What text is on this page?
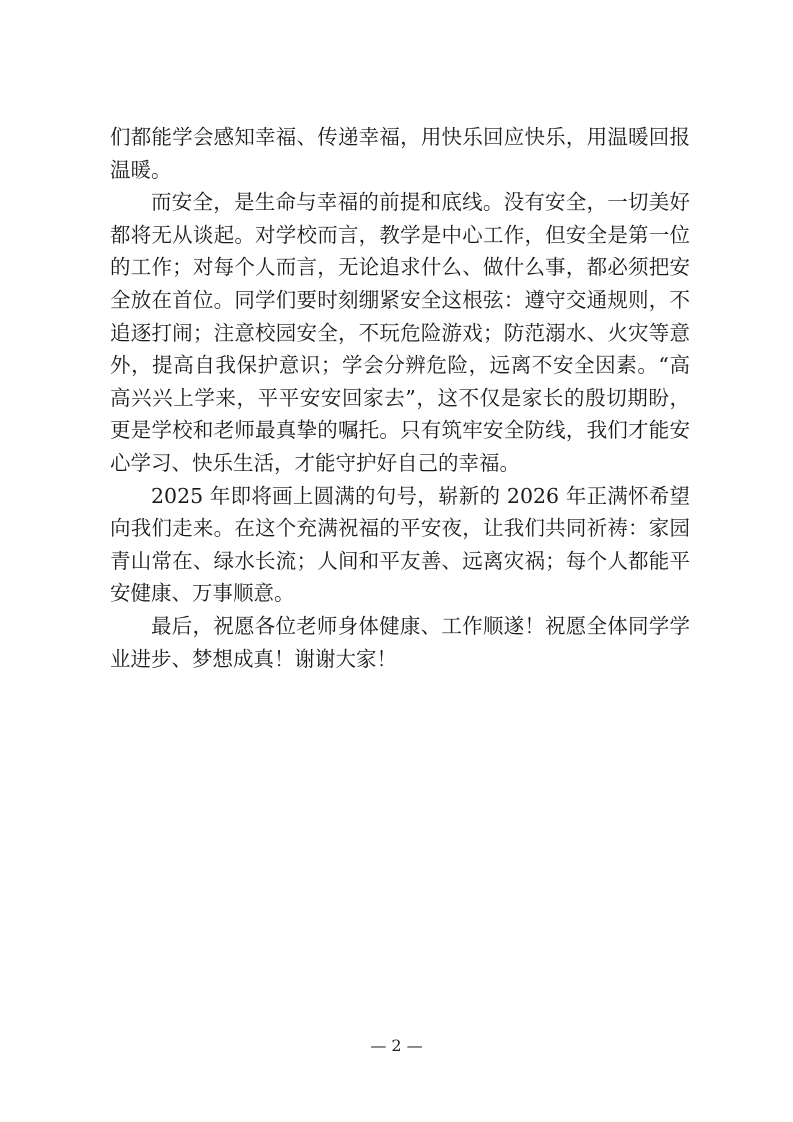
们都能学会感知幸福、传递幸福，用快乐回应快乐，用温暖回报温暖。

而安全，是生命与幸福的前提和底线。没有安全，一切美好都将无从谈起。对学校而言，教学是中心工作，但安全是第一位的工作；对每个人而言，无论追求什么、做什么事，都必须把安全放在首位。同学们要时刻绷紧安全这根弦：遵守交通规则，不追逐打闹；注意校园安全，不玩危险游戏；防范溺水、火灾等意外，提高自我保护意识；学会分辨危险，远离不安全因素。“高高兴兴上学来，平平安安回家去”，这不仅是家长的殷切期盼，更是学校和老师最真挚的嘱托。只有筑牢安全防线，我们才能安心学习、快乐生活，才能守护好自己的幸福。

2025 年即将画上圆满的句号，崭新的 2026 年正满怀希望向我们走来。在这个充满祝福的平安夜，让我们共同祈祷：家园青山常在、绿水长流；人间和平友善、远离灾祸；每个人都能平安健康、万事顺意。

最后，祝愿各位老师身体健康、工作顺遂！祝愿全体同学学业进步、梦想成真！谢谢大家！

— 2 —
